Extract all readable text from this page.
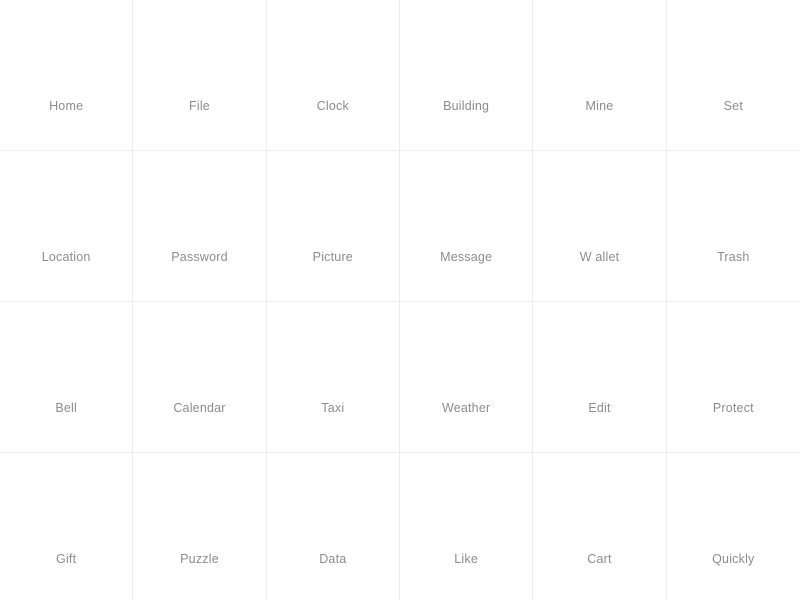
Home	File	Clock	Building	Mine	Set
Location	Password	Picture	Message	W allet	Trash
Bell	Calendar	Taxi	Weather	Edit	Protect
Gift	Puzzle	Data	Like	Cart	Quickly
